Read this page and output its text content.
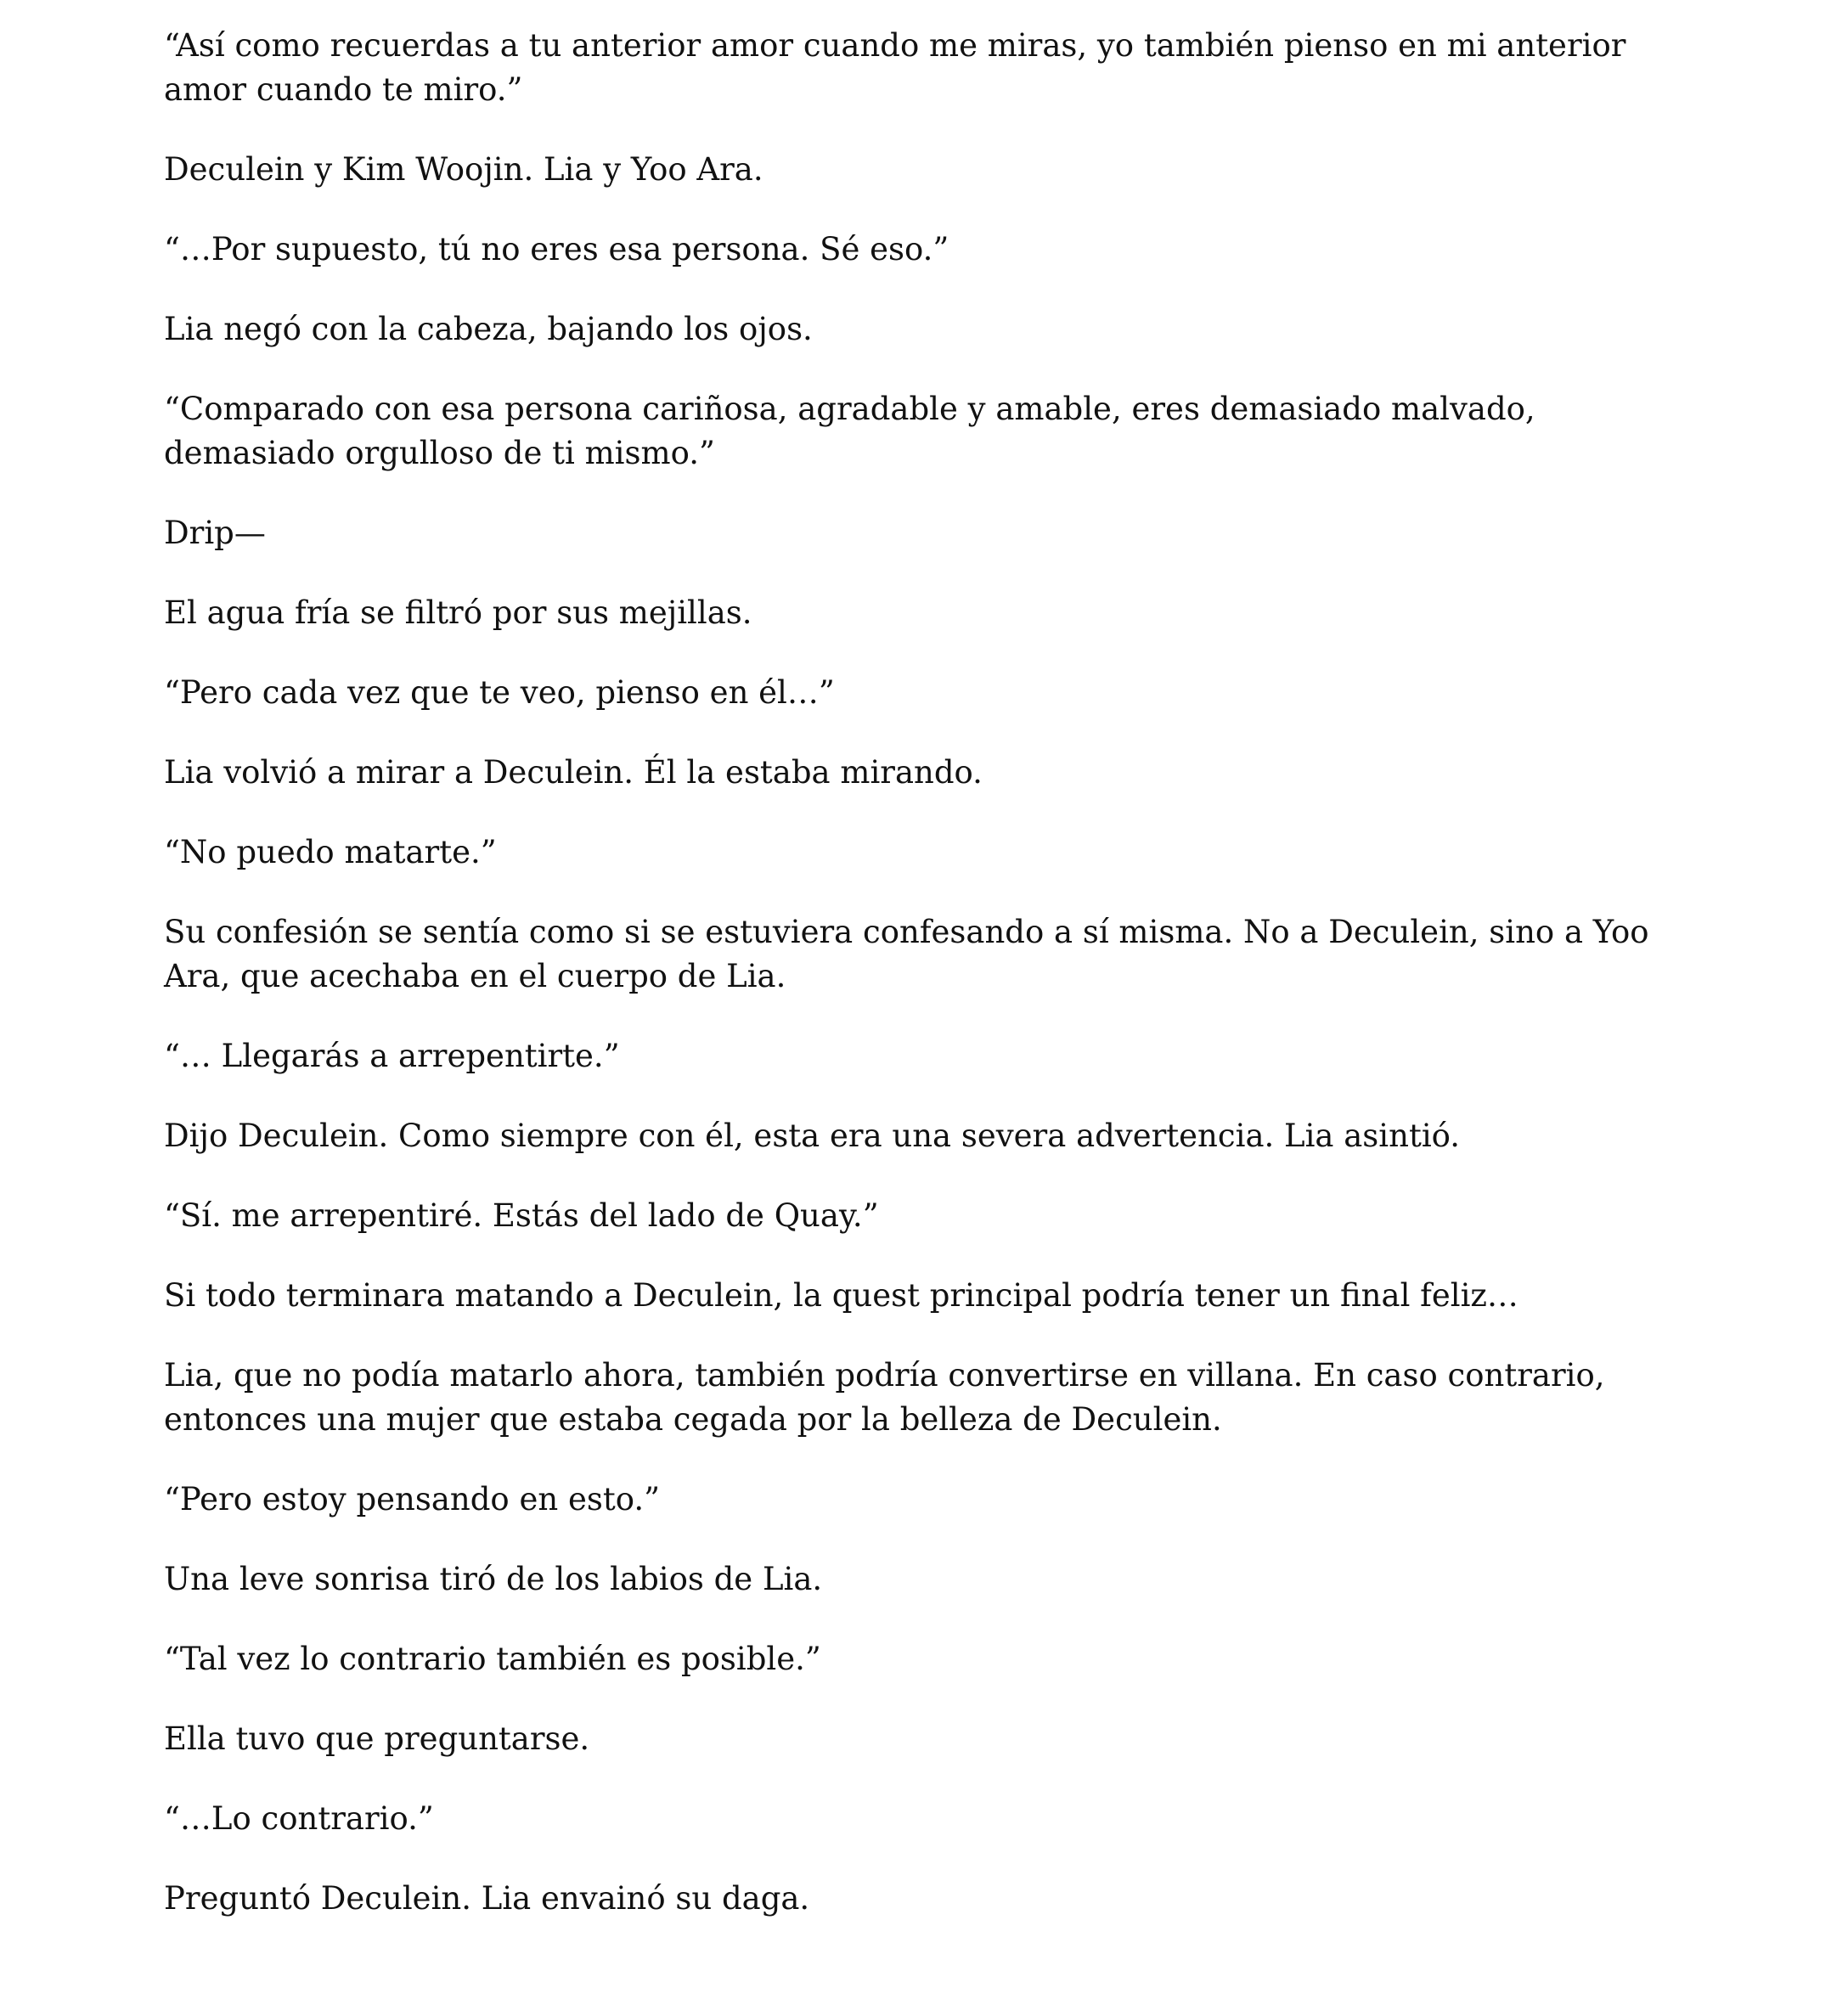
“Así como recuerdas a tu anterior amor cuando me miras, yo también pienso en mi anterior amor cuando te miro.”

Deculein y Kim Woojin. Lia y Yoo Ara.

“…Por supuesto, tú no eres esa persona. Sé eso.”

Lia negó con la cabeza, bajando los ojos.

“Comparado con esa persona cariñosa, agradable y amable, eres demasiado malvado, demasiado orgulloso de ti mismo.”

Drip—

El agua fría se filtró por sus mejillas.

“Pero cada vez que te veo, pienso en él…”

Lia volvió a mirar a Deculein. Él la estaba mirando.

“No puedo matarte.”

Su confesión se sentía como si se estuviera confesando a sí misma. No a Deculein, sino a Yoo Ara, que acechaba en el cuerpo de Lia.

“… Llegarás a arrepentirte.”

Dijo Deculein. Como siempre con él, esta era una severa advertencia. Lia asintió.

“Sí. me arrepentiré. Estás del lado de Quay.”

Si todo terminara matando a Deculein, la quest principal podría tener un final feliz…

Lia, que no podía matarlo ahora, también podría convertirse en villana. En caso contrario, entonces una mujer que estaba cegada por la belleza de Deculein.

“Pero estoy pensando en esto.”

Una leve sonrisa tiró de los labios de Lia.

“Tal vez lo contrario también es posible.”

Ella tuvo que preguntarse.

“…Lo contrario.”

Preguntó Deculein. Lia envainó su daga.
